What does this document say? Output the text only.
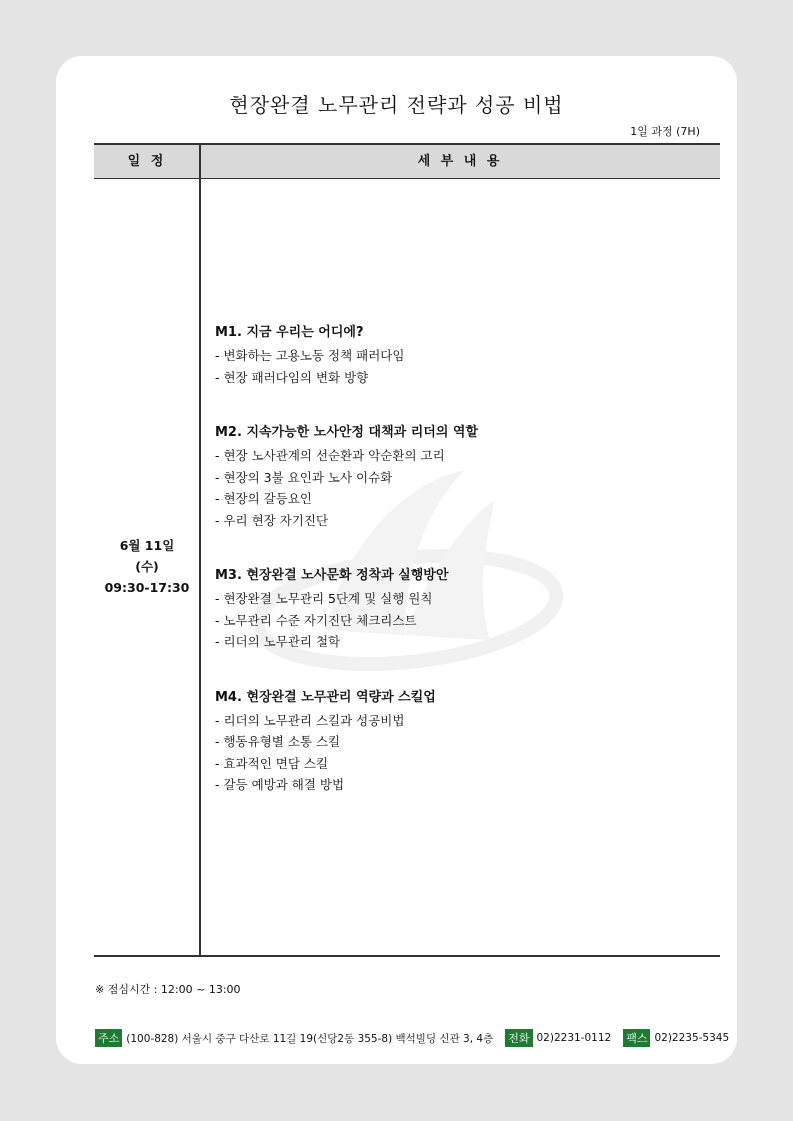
현장완결 노무관리 전략과 성공 비법
1일 과정 (7H)
일 정	세 부 내 용
6월 11일
(수)
09:30-17:30
M1. 지금 우리는 어디에?
- 변화하는 고용노동 정책 패러다임
- 현장 패러다임의 변화 방향
M2. 지속가능한 노사안정 대책과 리더의 역할
- 현장 노사관계의 선순환과 악순환의 고리
- 현장의 3불 요인과 노사 이슈화
- 현장의 갈등요인
- 우리 현장 자기진단
M3. 현장완결 노사문화 정착과 실행방안
- 현장완결 노무관리 5단계 및 실행 원칙
- 노무관리 수준 자기진단 체크리스트
- 리더의 노무관리 철학
M4. 현장완결 노무관리 역량과 스킬업
- 리더의 노무관리 스킬과 성공비법
- 행동유형별 소통 스킬
- 효과적인 면담 스킬
- 갈등 예방과 해결 방법
※ 점심시간 : 12:00 ~ 13:00
주소 (100-828) 서울시 중구 다산로 11길 19(신당2동 355-8) 백석빌딩 신관 3, 4층 전화 02)2231-0112 팩스 02)2235-5345
